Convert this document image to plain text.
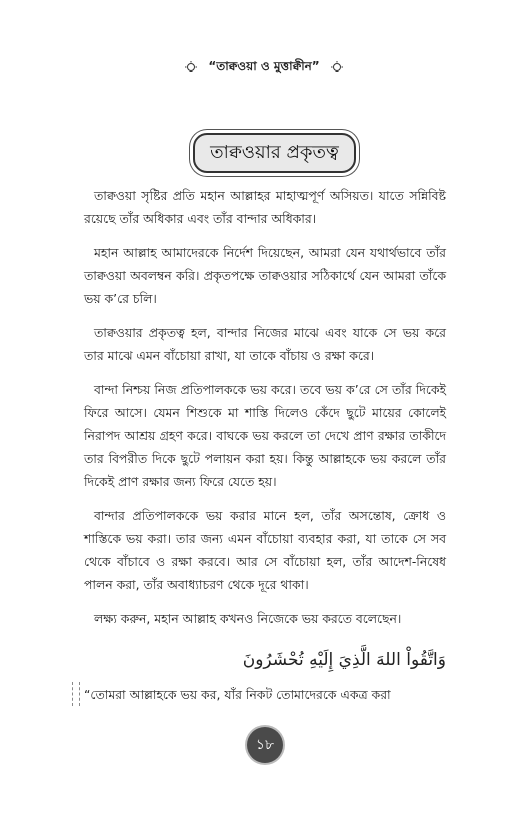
“তাক্বওয়া ও মুত্তাক্বীন”
তাক্বওয়ার প্রকৃতত্ব

তাক্বওয়া সৃষ্টির প্রতি মহান আল্লাহর মাহাত্মপূর্ণ অসিয়ত। যাতে সন্নিবিষ্ট রয়েছে তাঁর অধিকার এবং তাঁর বান্দার অধিকার।

মহান আল্লাহ আমাদেরকে নির্দেশ দিয়েছেন, আমরা যেন যথার্থভাবে তাঁর তাক্বওয়া অবলম্বন করি। প্রকৃতপক্ষে তাক্বওয়ার সঠিকার্থে যেন আমরা তাঁকে ভয় ক’রে চলি।

তাক্বওয়ার প্রকৃতত্ব হল, বান্দার নিজের মাঝে এবং যাকে সে ভয় করে তার মাঝে এমন বাঁচোয়া রাখা, যা তাকে বাঁচায় ও রক্ষা করে।

বান্দা নিশ্চয় নিজ প্রতিপালককে ভয় করে। তবে ভয় ক’রে সে তাঁর দিকেই ফিরে আসে। যেমন শিশুকে মা শাস্তি দিলেও কেঁদে ছুটে মায়ের কোলেই নিরাপদ আশ্রয় গ্রহণ করে। বাঘকে ভয় করলে তা দেখে প্রাণ রক্ষার তাকীদে তার বিপরীত দিকে ছুটে পলায়ন করা হয়। কিন্তু আল্লাহকে ভয় করলে তাঁর দিকেই প্রাণ রক্ষার জন্য ফিরে যেতে হয়।

বান্দার প্রতিপালককে ভয় করার মানে হল, তাঁর অসন্তোষ, ক্রোধ ও শাস্তিকে ভয় করা। তার জন্য এমন বাঁচোয়া ব্যবহার করা, যা তাকে সে সব থেকে বাঁচাবে ও রক্ষা করবে। আর সে বাঁচোয়া হল, তাঁর আদেশ-নিষেধ পালন করা, তাঁর অবাধ্যাচরণ থেকে দূরে থাকা।

লক্ষ্য করুন, মহান আল্লাহ কখনও নিজেকে ভয় করতে বলেছেন।

وَاتَّقُواْ اللهَ الَّذِيَ إِلَيْهِ تُحْشَرُونَ
“তোমরা আল্লাহকে ভয় কর, যাঁর নিকট তোমাদেরকে একত্র করা
১৮
